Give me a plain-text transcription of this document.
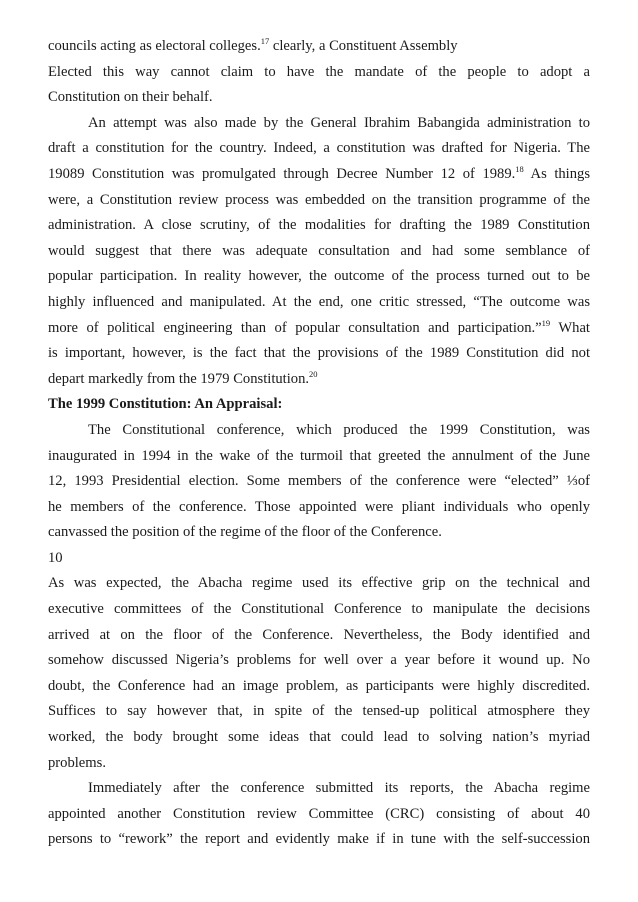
councils acting as electoral colleges.$^{17}$ clearly, a Constituent Assembly
Elected this way cannot claim to have the mandate of the people to adopt a
Constitution on their behalf.
An attempt was also made by the General Ibrahim Babangida administration to
draft a constitution for the country. Indeed, a constitution was drafted for Nigeria. The
19089 Constitution was promulgated through Decree Number 12 of 1989.18 As things
were, a Constitution review process was embedded on the transition programme of the
administration. A close scrutiny, of the modalities for drafting the 1989 Constitution
would suggest that there was adequate consultation and had some semblance of
popular participation. In reality however, the outcome of the process turned out to be
highly influenced and manipulated. At the end, one critic stressed, “The outcome was
more of political engineering than of popular consultation and participation.”$^{19}$ What
is important, however, is the fact that the provisions of the 1989 Constitution did not
depart markedly from the 1979 Constitution.$^{20}$
The 1999 Constitution: An Appraisal:
The Constitutional conference, which produced the 1999 Constitution, was
inaugurated in 1994 in the wake of the turmoil that greeted the annulment of the June
12, 1993 Presidential election. Some members of the conference were “elected” ⅓of
he members of the conference. Those appointed were pliant individuals who openly
canvassed the position of the regime of the floor of the Conference.
10
As was expected, the Abacha regime used its effective grip on the technical and
executive committees of the Constitutional Conference to manipulate the decisions
arrived at on the floor of the Conference. Nevertheless, the Body identified and
somehow discussed Nigeria’s problems for well over a year before it wound up. No
doubt, the Conference had an image problem, as participants were highly discredited.
Suffices to say however that, in spite of the tensed-up political atmosphere they
worked, the body brought some ideas that could lead to solving nation’s myriad
problems.
Immediately after the conference submitted its reports, the Abacha regime
appointed another Constitution review Committee (CRC) consisting of about 40
persons to “rework” the report and evidently make if in tune with the self-succession
